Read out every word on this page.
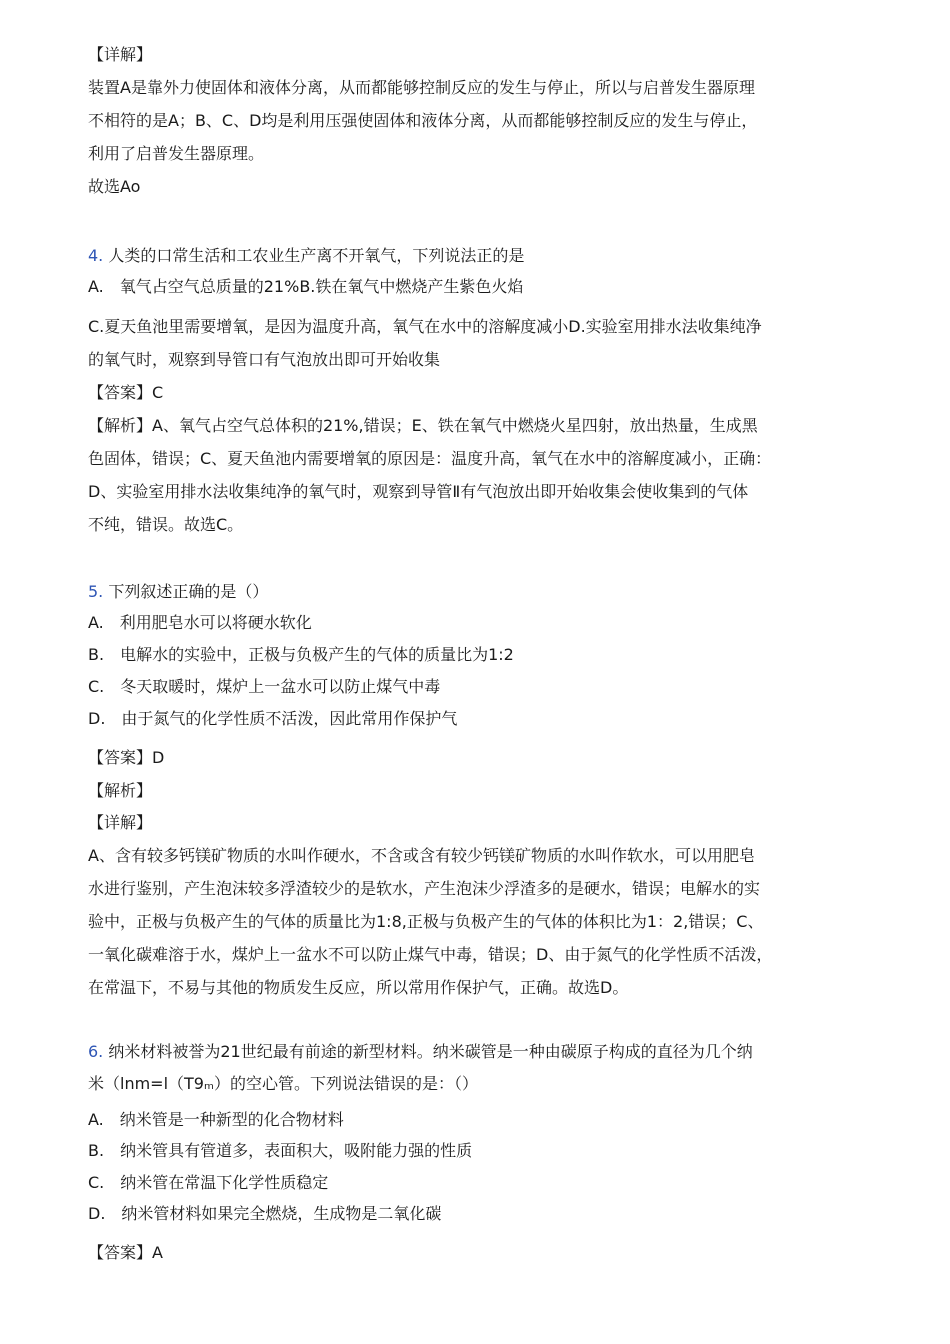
【详解】
装置A是靠外力使固体和液体分离，从而都能够控制反应的发生与停止，所以与启普发生器原理
不相符的是A；B、C、D均是利用压强使固体和液体分离，从而都能够控制反应的发生与停止，
利用了启普发生器原理。
故选Ao
4. 人类的口常生活和工农业生产离不开氧气，下列说法正的是
A.　氧气占空气总质量的21%B.铁在氧气中燃烧产生紫色火焰
C.夏天鱼池里需要增氧，是因为温度升高，氧气在水中的溶解度减小D.实验室用排水法收集纯净
的氧气时，观察到导管口有气泡放出即可开始收集
【答案】C
【解析】A、氧气占空气总体积的21%,错误；E、铁在氧气中燃烧火星四射，放出热量，生成黑
色固体，错误；C、夏天鱼池内需要增氧的原因是：温度升高，氧气在水中的溶解度减小，正确：
D、实验室用排水法收集纯净的氧气时，观察到导管Ⅱ有气泡放出即开始收集会使收集到的气体
不纯，错误。故选C。
5. 下列叙述正确的是（）
A.　利用肥皂水可以将硬水软化
B.　电解水的实验中，正极与负极产生的气体的质量比为1:2
C.　冬天取暖时，煤炉上一盆水可以防止煤气中毒
D.　由于氮气的化学性质不活泼，因此常用作保护气
【答案】D
【解析】
【详解】
A、含有较多钙镁矿物质的水叫作硬水，不含或含有较少钙镁矿物质的水叫作软水，可以用肥皂
水进行鉴别，产生泡沫较多浮渣较少的是软水，产生泡沫少浮渣多的是硬水，错误；电解水的实
验中，正极与负极产生的气体的质量比为1:8,正极与负极产生的气体的体积比为1：2,错误；C、
一氧化碳难溶于水，煤炉上一盆水不可以防止煤气中毒，错误；D、由于氮气的化学性质不活泼，
在常温下，不易与其他的物质发生反应，所以常用作保护气，正确。故选D。
6. 纳米材料被誉为21世纪最有前途的新型材料。纳米碳管是一种由碳原子构成的直径为几个纳
米（lnm=l（T9ₘ）的空心管。下列说法错误的是：（）
A.　纳米管是一种新型的化合物材料
B.　纳米管具有管道多，表面积大，吸附能力强的性质
C.　纳米管在常温下化学性质稳定
D.　纳米管材料如果完全燃烧，生成物是二氧化碳
【答案】A
